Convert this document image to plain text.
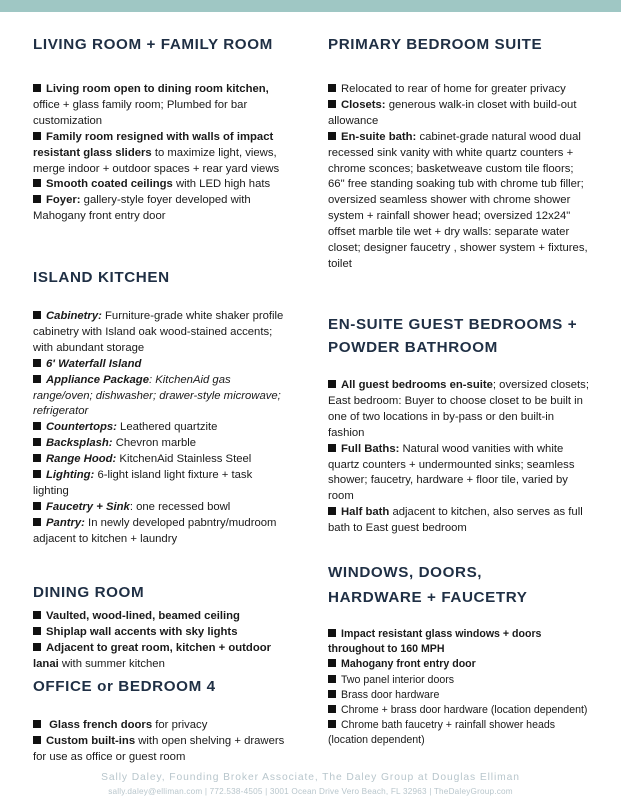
LIVING ROOM + FAMILY ROOM
Living room open to dining room kitchen, office + glass family room; Plumbed for bar customization
Family room resigned with walls of impact resistant glass sliders to maximize light, views, merge indoor + outdoor spaces + rear yard views
Smooth coated ceilings with LED high hats
Foyer: gallery-style foyer developed with Mahogany front entry door
ISLAND KITCHEN
Cabinetry: Furniture-grade white shaker profile cabinetry with Island oak wood-stained accents; with abundant storage
6' Waterfall Island
Appliance Package: KitchenAid gas range/oven; dishwasher; drawer-style microwave; refrigerator
Countertops: Leathered quartzite
Backsplash: Chevron marble
Range Hood: KitchenAid Stainless Steel
Lighting: 6-light island light fixture + task lighting
Faucetry + Sink: one recessed bowl
Pantry: In newly developed pabntry/mudroom adjacent to kitchen + laundry
DINING ROOM
Vaulted, wood-lined, beamed ceiling
Shiplap wall accents with sky lights
Adjacent to great room, kitchen + outdoor lanai with summer kitchen
OFFICE or BEDROOM 4
Glass french doors for privacy
Custom built-ins with open shelving + drawers for use as office or guest room
PRIMARY BEDROOM SUITE
Relocated to rear of home for greater privacy
Closets: generous walk-in closet with build-out allowance
En-suite bath: cabinet-grade natural wood dual recessed sink vanity with white quartz counters + chrome sconces; basketweave custom tile floors; 66" free standing soaking tub with chrome tub filler; oversized seamless shower with chrome shower system + rainfall shower head; oversized 12x24" offset marble tile wet + dry walls: separate water closet; designer faucetry , shower system + fixtures, toilet
EN-SUITE GUEST BEDROOMS +
POWDER BATHROOM
All guest bedrooms en-suite; oversized closets; East bedroom: Buyer to choose closet to be built in one of two locations in by-pass or den built-in fashion
Full Baths: Natural wood vanities with white quartz counters + undermounted sinks; seamless shower; faucetry, hardware + floor tile, varied by room
Half bath adjacent to kitchen, also serves as full bath to East guest bedroom
WINDOWS, DOORS,
HARDWARE + FAUCETRY
Impact resistant glass windows + doors throughout to 160 MPH
Mahogany front entry door
Two panel interior doors
Brass door hardware
Chrome + brass door hardware (location dependent)
Chrome bath faucetry + rainfall shower heads (location dependent)
Sally Daley, Founding Broker Associate, The Daley Group at Douglas Elliman
sally.daley@elliman.com | 772.538-4505 | 3001 Ocean Drive Vero Beach, FL 32963 | TheDaleyGroup.com
